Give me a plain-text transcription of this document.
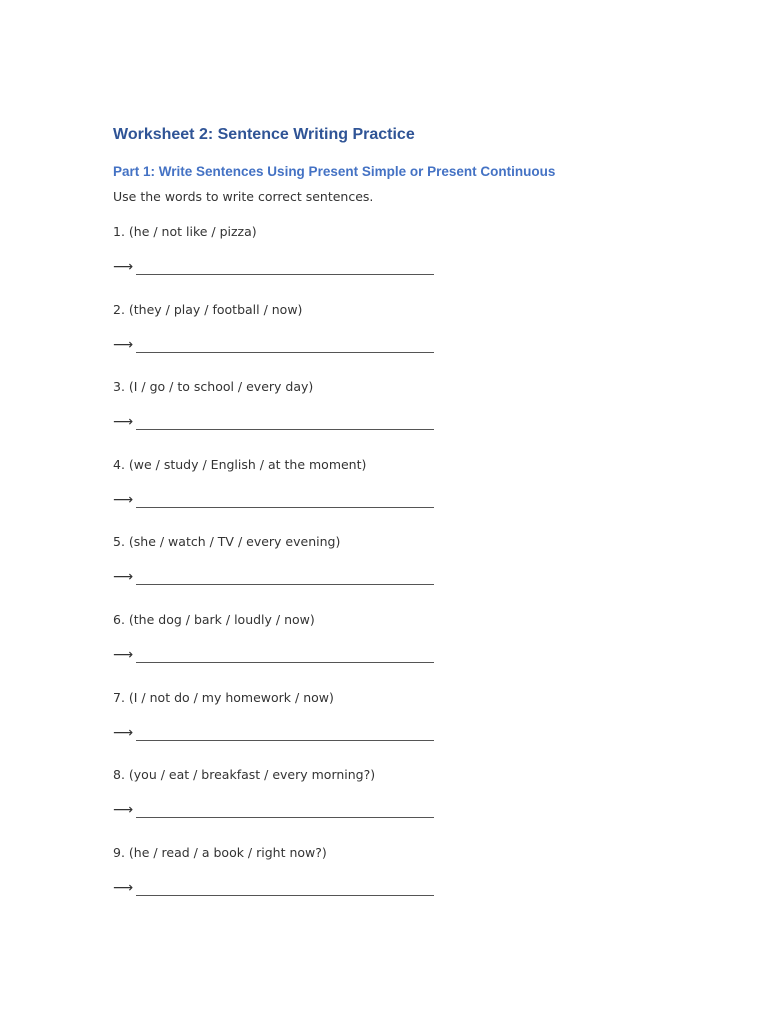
Worksheet 2: Sentence Writing Practice
Part 1: Write Sentences Using Present Simple or Present Continuous

Use the words to write correct sentences.

1. (he / not like / pizza)
⟶
2. (they / play / football / now)
⟶
3. (I / go / to school / every day)
⟶
4. (we / study / English / at the moment)
⟶
5. (she / watch / TV / every evening)
⟶
6. (the dog / bark / loudly / now)
⟶
7. (I / not do / my homework / now)
⟶
8. (you / eat / breakfast / every morning?)
⟶
9. (he / read / a book / right now?)
⟶
